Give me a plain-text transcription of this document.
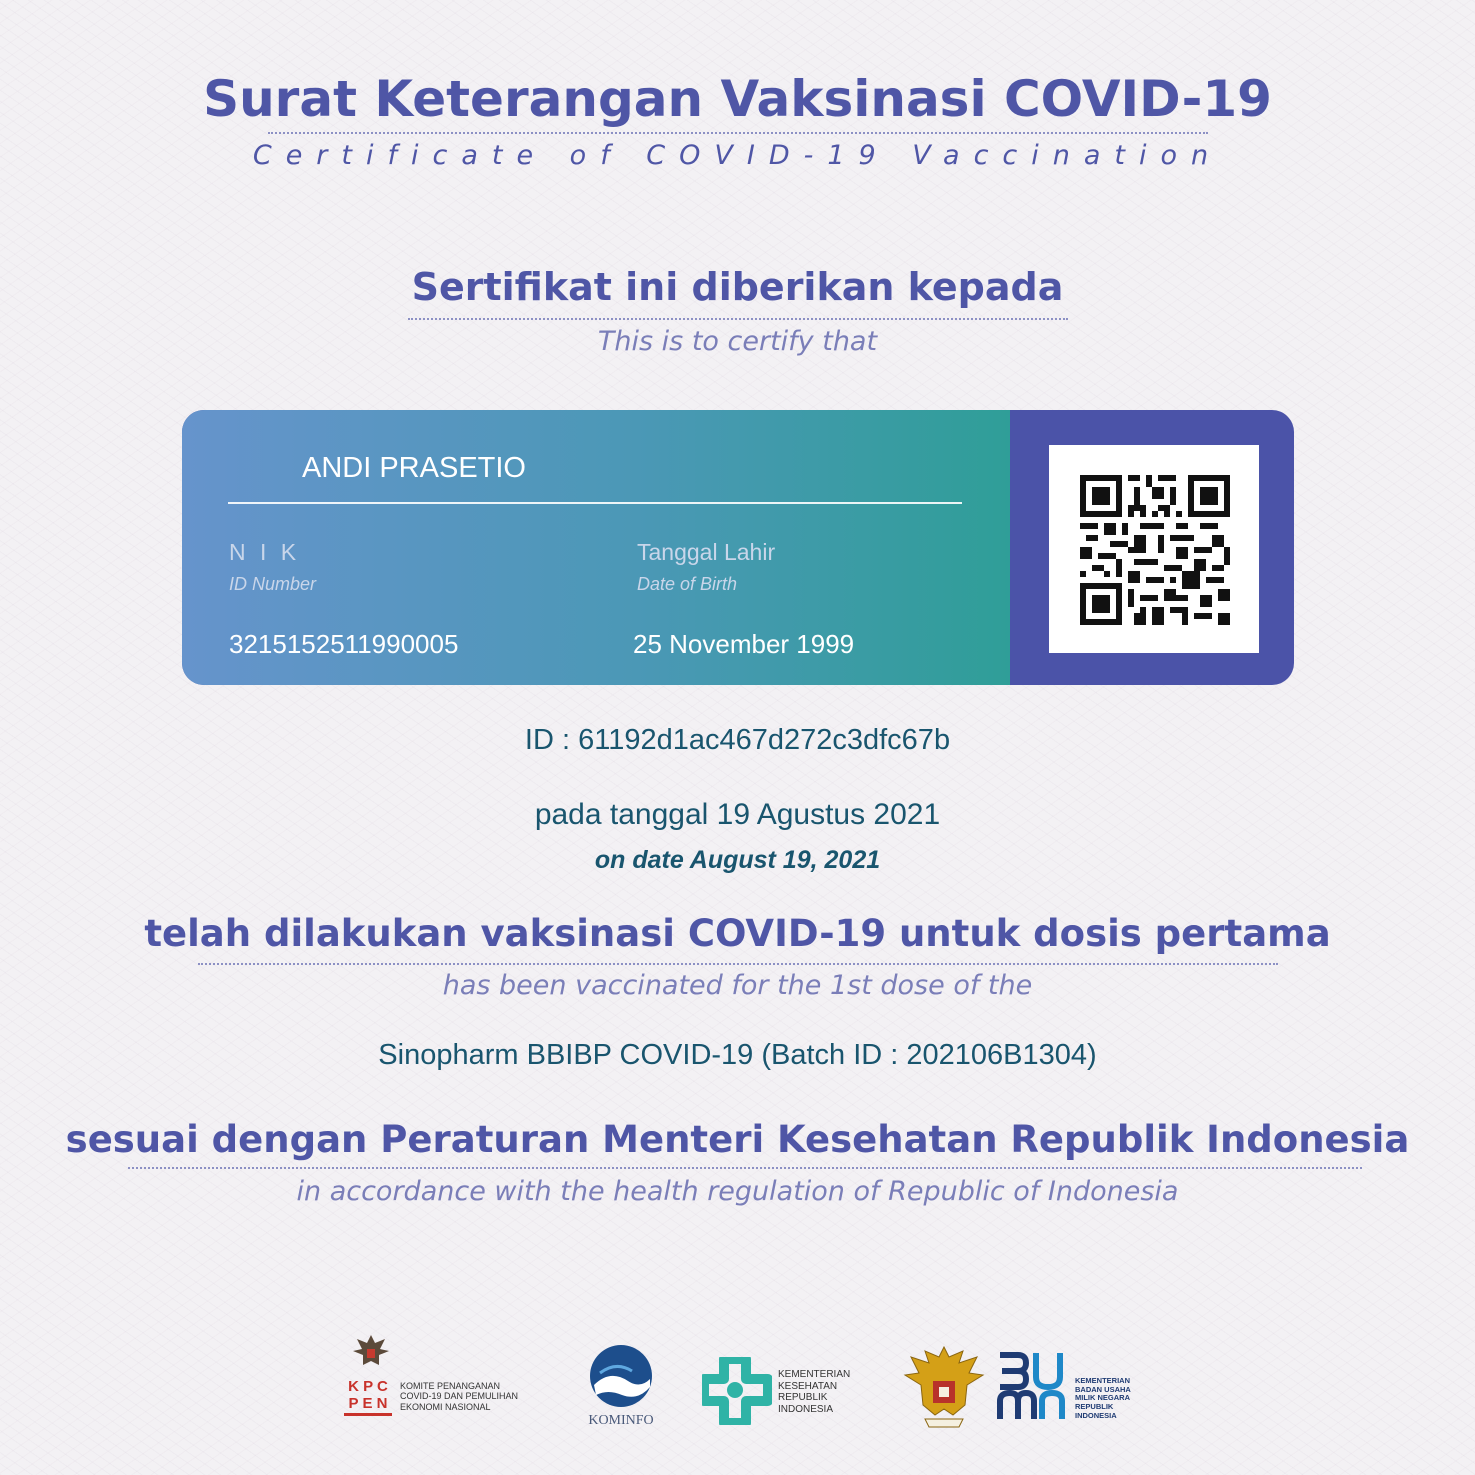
Surat Keterangan Vaksinasi COVID-19
Certificate of COVID-19 Vaccination
Sertifikat ini diberikan kepada
This is to certify that
ANDI PRASETIO
N I K
ID Number
3215152511990005
Tanggal Lahir
Date of Birth
25 November 1999
ID : 61192d1ac467d272c3dfc67b
pada tanggal 19 Agustus 2021
on date August 19, 2021
telah dilakukan vaksinasi COVID-19 untuk dosis pertama
has been vaccinated for the 1st dose of the
Sinopharm BBIBP COVID-19 (Batch ID : 202106B1304)
sesuai dengan Peraturan Menteri Kesehatan Republik Indonesia
in accordance with the health regulation of Republic of Indonesia
K P C
P E N
KOMITE PENANGANAN
COVID-19 DAN PEMULIHAN
EKONOMI NASIONAL
KOMINFO
KEMENTERIAN
KESEHATAN
REPUBLIK
INDONESIA
KEMENTERIAN
BADAN USAHA
MILIK NEGARA
REPUBLIK
INDONESIA
